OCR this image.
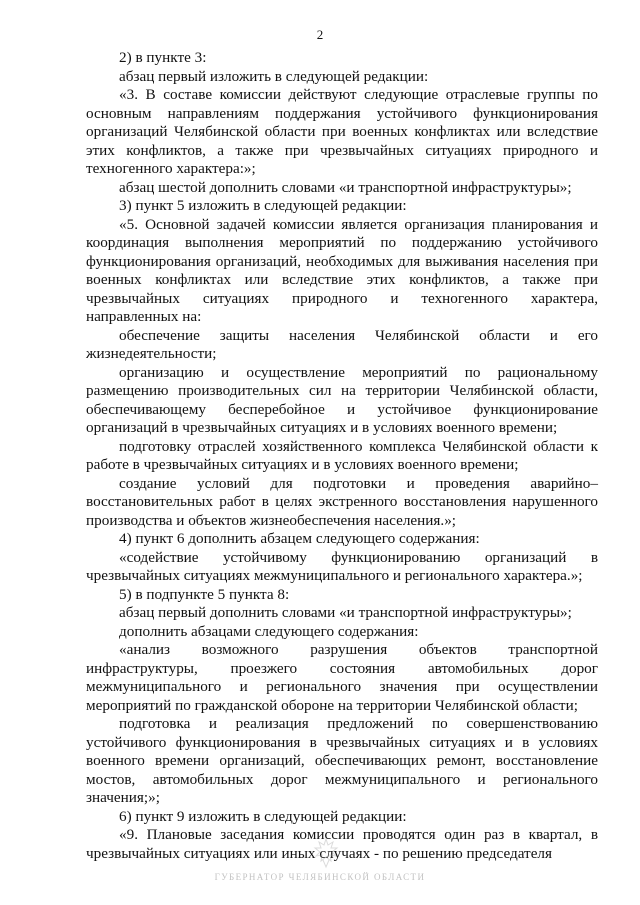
2

2) в пункте 3:

абзац первый изложить в следующей редакции:

«3. В составе комиссии действуют следующие отраслевые группы по основным направлениям поддержания устойчивого функционирования организаций Челябинской области при военных конфликтах или вследствие этих конфликтов, а также при чрезвычайных ситуациях природного и техногенного характера:»;

абзац шестой дополнить словами «и транспортной инфраструктуры»;

3) пункт 5 изложить в следующей редакции:

«5. Основной задачей комиссии является организация планирования и координация выполнения мероприятий по поддержанию устойчивого функционирования организаций, необходимых для выживания населения при военных конфликтах или вследствие этих конфликтов, а также при чрезвычайных ситуациях природного и техногенного характера, направленных на:

обеспечение защиты населения Челябинской области и его жизнедеятельности;

организацию и осуществление мероприятий по рациональному размещению производительных сил на территории Челябинской области, обеспечивающему бесперебойное и устойчивое функционирование организаций в чрезвычайных ситуациях и в условиях военного времени;

подготовку отраслей хозяйственного комплекса Челябинской области к работе в чрезвычайных ситуациях и в условиях военного времени;

создание условий для подготовки и проведения аварийно–восстановительных работ в целях экстренного восстановления нарушенного производства и объектов жизнеобеспечения населения.»;

4) пункт 6 дополнить абзацем следующего содержания:

«содействие устойчивому функционированию организаций в чрезвычайных ситуациях межмуниципального и регионального характера.»;

5) в подпункте 5 пункта 8:

абзац первый дополнить словами «и транспортной инфраструктуры»;

дополнить абзацами следующего содержания:

«анализ возможного разрушения объектов транспортной инфраструктуры, проезжего состояния автомобильных дорог межмуниципального и регионального значения при осуществлении мероприятий по гражданской обороне на территории Челябинской области;

подготовка и реализация предложений по совершенствованию устойчивого функционирования в чрезвычайных ситуациях и в условиях военного времени организаций, обеспечивающих ремонт, восстановление мостов, автомобильных дорог межмуниципального и регионального значения;»;

6) пункт 9 изложить в следующей редакции:

«9. Плановые заседания комиссии проводятся один раз в квартал, в чрезвычайных ситуациях или иных случаях - по решению председателя

ГУБЕРНАТОР ЧЕЛЯБИНСКОЙ ОБЛАСТИ
